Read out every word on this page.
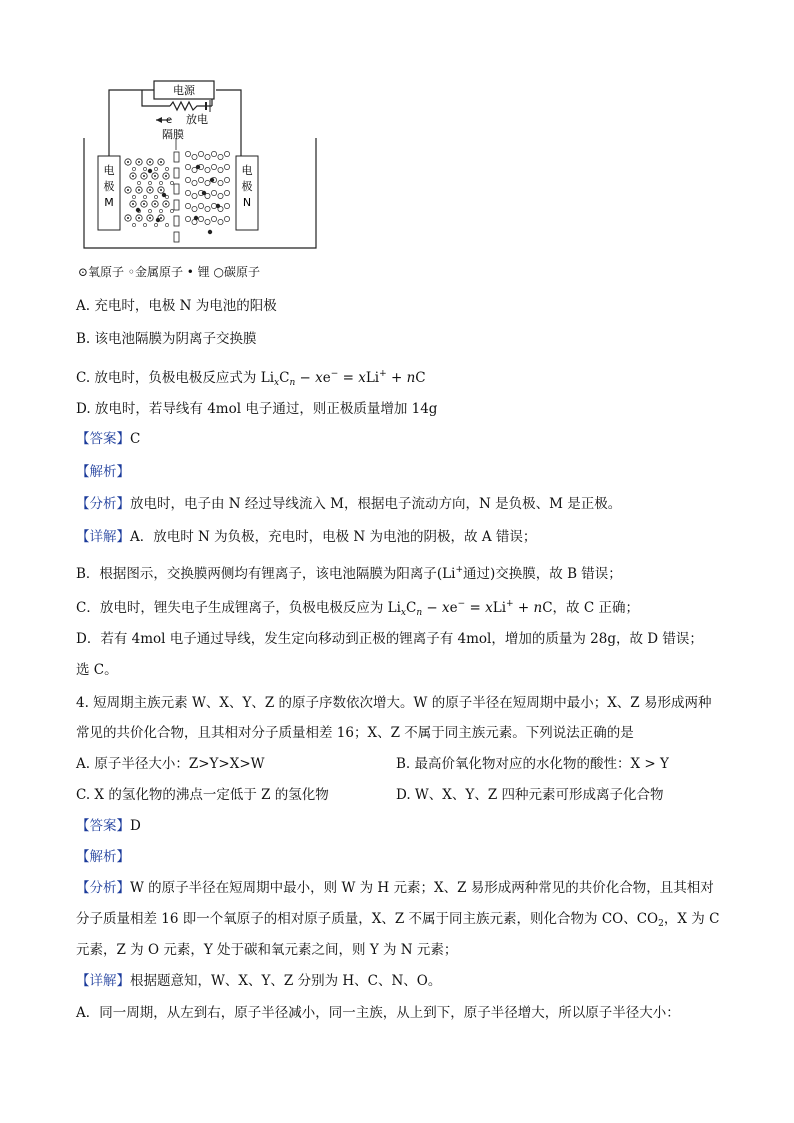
电源
e 放电
隔膜
电
极
M
电
极
N
⊙氧原子 ◦金属原子 • 锂 ○碳原子
A. 充电时，电极 N 为电池的阳极
B. 该电池隔膜为阴离子交换膜
C. 放电时，负极电极反应式为 $Li_xC_n - xe^- = xLi^+$ + nC
D. 放电时，若导线有 4mol 电子通过，则正极质量增加 14g
【答案】C
【解析】
【分析】放电时，电子由 N 经过导线流入 M，根据电子流动方向，N 是负极、M 是正极。
【详解】A．放电时 N 为负极，充电时，电极 N 为电池的阴极，故 A 错误；
B．根据图示，交换膜两侧均有锂离子，该电池隔膜为阳离子(Li+通过)交换膜，故 B 错误；
C．放电时，锂失电子生成锂离子，负极电极反应为 $Li_xC_n - xe^- = xLi^+$ + nC，故 C 正确；
D．若有 4mol 电子通过导线，发生定向移动到正极的锂离子有 4mol，增加的质量为 28g，故 D 错误；
选 C。
4. 短周期主族元素 W、X、Y、Z 的原子序数依次增大。W 的原子半径在短周期中最小；X、Z 易形成两种
常见的共价化合物，且其相对分子质量相差 16；X、Z 不属于同主族元素。下列说法正确的是
A. 原子半径大小：Z>Y>X>W	B. 最高价氧化物对应的水化物的酸性：X > Y
C. X 的氢化物的沸点一定低于 Z 的氢化物	D. W、X、Y、Z 四种元素可形成离子化合物
【答案】D
【解析】
【分析】W 的原子半径在短周期中最小，则 W 为 H 元素；X、Z 易形成两种常见的共价化合物，且其相对
分子质量相差 16 即一个氧原子的相对原子质量，X、Z 不属于同主族元素，则化合物为 CO、$CO_2$，X 为 C
元素，Z 为 O 元素，Y 处于碳和氧元素之间，则 Y 为 N 元素；
【详解】根据题意知，W、X、Y、Z 分别为 H、C、N、O。
A．同一周期，从左到右，原子半径减小，同一主族，从上到下，原子半径增大，所以原子半径大小：
